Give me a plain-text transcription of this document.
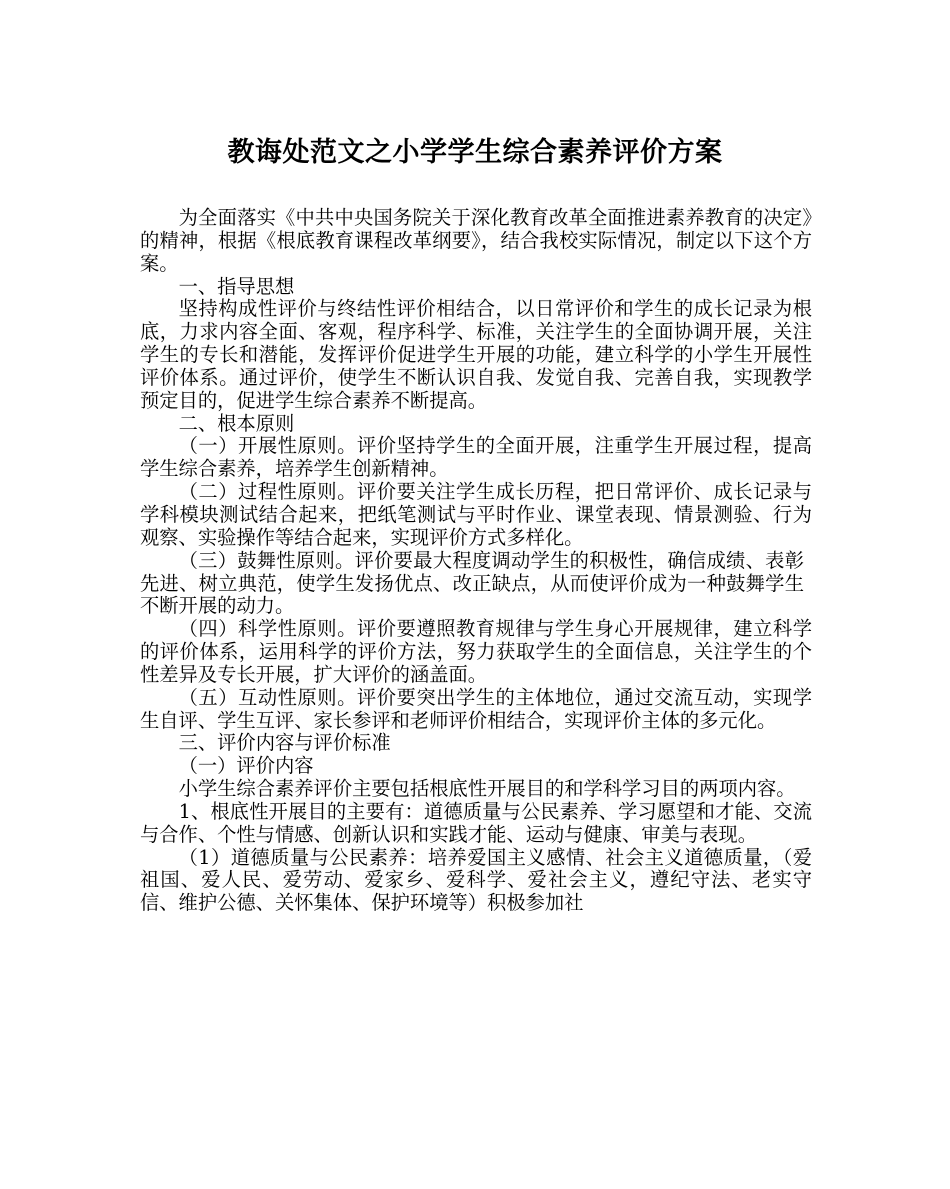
教诲处范文之小学学生综合素养评价方案

为全面落实《中共中央国务院关于深化教育改革全面推进素养教育的决定》的精神，根据《根底教育课程改革纲要》，结合我校实际情况，制定以下这个方案。

一、指导思想

坚持构成性评价与终结性评价相结合，以日常评价和学生的成长记录为根底，力求内容全面、客观，程序科学、标准，关注学生的全面协调开展，关注学生的专长和潜能，发挥评价促进学生开展的功能，建立科学的小学生开展性评价体系。通过评价，使学生不断认识自我、发觉自我、完善自我，实现教学预定目的，促进学生综合素养不断提高。

二、根本原则

（一）开展性原则。评价坚持学生的全面开展，注重学生开展过程，提高学生综合素养，培养学生创新精神。

（二）过程性原则。评价要关注学生成长历程，把日常评价、成长记录与学科模块测试结合起来，把纸笔测试与平时作业、课堂表现、情景测验、行为观察、实验操作等结合起来，实现评价方式多样化。

（三）鼓舞性原则。评价要最大程度调动学生的积极性，确信成绩、表彰先进、树立典范，使学生发扬优点、改正缺点，从而使评价成为一种鼓舞学生不断开展的动力。

（四）科学性原则。评价要遵照教育规律与学生身心开展规律，建立科学的评价体系，运用科学的评价方法，努力获取学生的全面信息，关注学生的个性差异及专长开展，扩大评价的涵盖面。

（五）互动性原则。评价要突出学生的主体地位，通过交流互动，实现学生自评、学生互评、家长参评和老师评价相结合，实现评价主体的多元化。

三、评价内容与评价标准

（一）评价内容

小学生综合素养评价主要包括根底性开展目的和学科学习目的两项内容。

1、根底性开展目的主要有：道德质量与公民素养、学习愿望和才能、交流与合作、个性与情感、创新认识和实践才能、运动与健康、审美与表现。

（1）道德质量与公民素养：培养爱国主义感情、社会主义道德质量，（爱祖国、爱人民、爱劳动、爱家乡、爱科学、爱社会主义，遵纪守法、老实守信、维护公德、关怀集体、保护环境等）积极参加社
